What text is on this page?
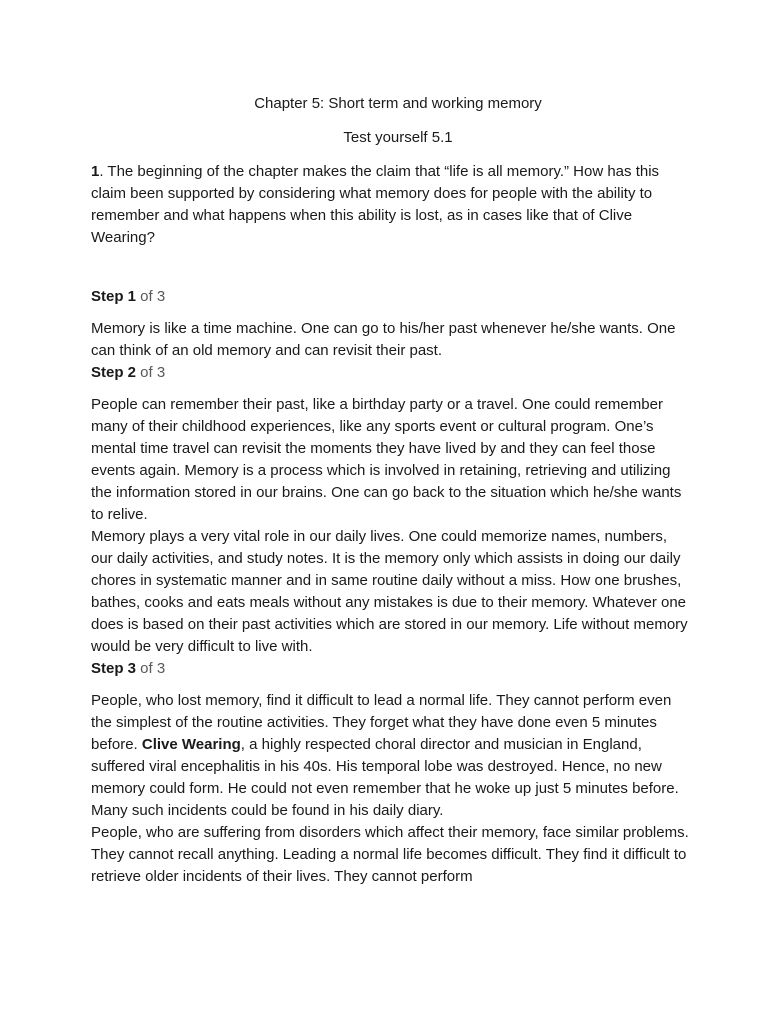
Chapter 5: Short term and working memory
Test yourself 5.1
1. The beginning of the chapter makes the claim that “life is all memory.” How has this claim been supported by considering what memory does for people with the ability to remember and what happens when this ability is lost, as in cases like that of Clive Wearing?
Step 1 of 3
Memory is like a time machine. One can go to his/her past whenever he/she wants. One can think of an old memory and can revisit their past.
Step 2 of 3
People can remember their past, like a birthday party or a travel. One could remember many of their childhood experiences, like any sports event or cultural program. One’s mental time travel can revisit the moments they have lived by and they can feel those events again. Memory is a process which is involved in retaining, retrieving and utilizing the information stored in our brains. One can go back to the situation which he/she wants to relive.
Memory plays a very vital role in our daily lives. One could memorize names, numbers, our daily activities, and study notes. It is the memory only which assists in doing our daily chores in systematic manner and in same routine daily without a miss. How one brushes, bathes, cooks and eats meals without any mistakes is due to their memory. Whatever one does is based on their past activities which are stored in our memory. Life without memory would be very difficult to live with.
Step 3 of 3
People, who lost memory, find it difficult to lead a normal life. They cannot perform even the simplest of the routine activities. They forget what they have done even 5 minutes before. Clive Wearing, a highly respected choral director and musician in England, suffered viral encephalitis in his 40s. His temporal lobe was destroyed. Hence, no new memory could form. He could not even remember that he woke up just 5 minutes before. Many such incidents could be found in his daily diary.
People, who are suffering from disorders which affect their memory, face similar problems. They cannot recall anything. Leading a normal life becomes difficult. They find it difficult to retrieve older incidents of their lives. They cannot perform
